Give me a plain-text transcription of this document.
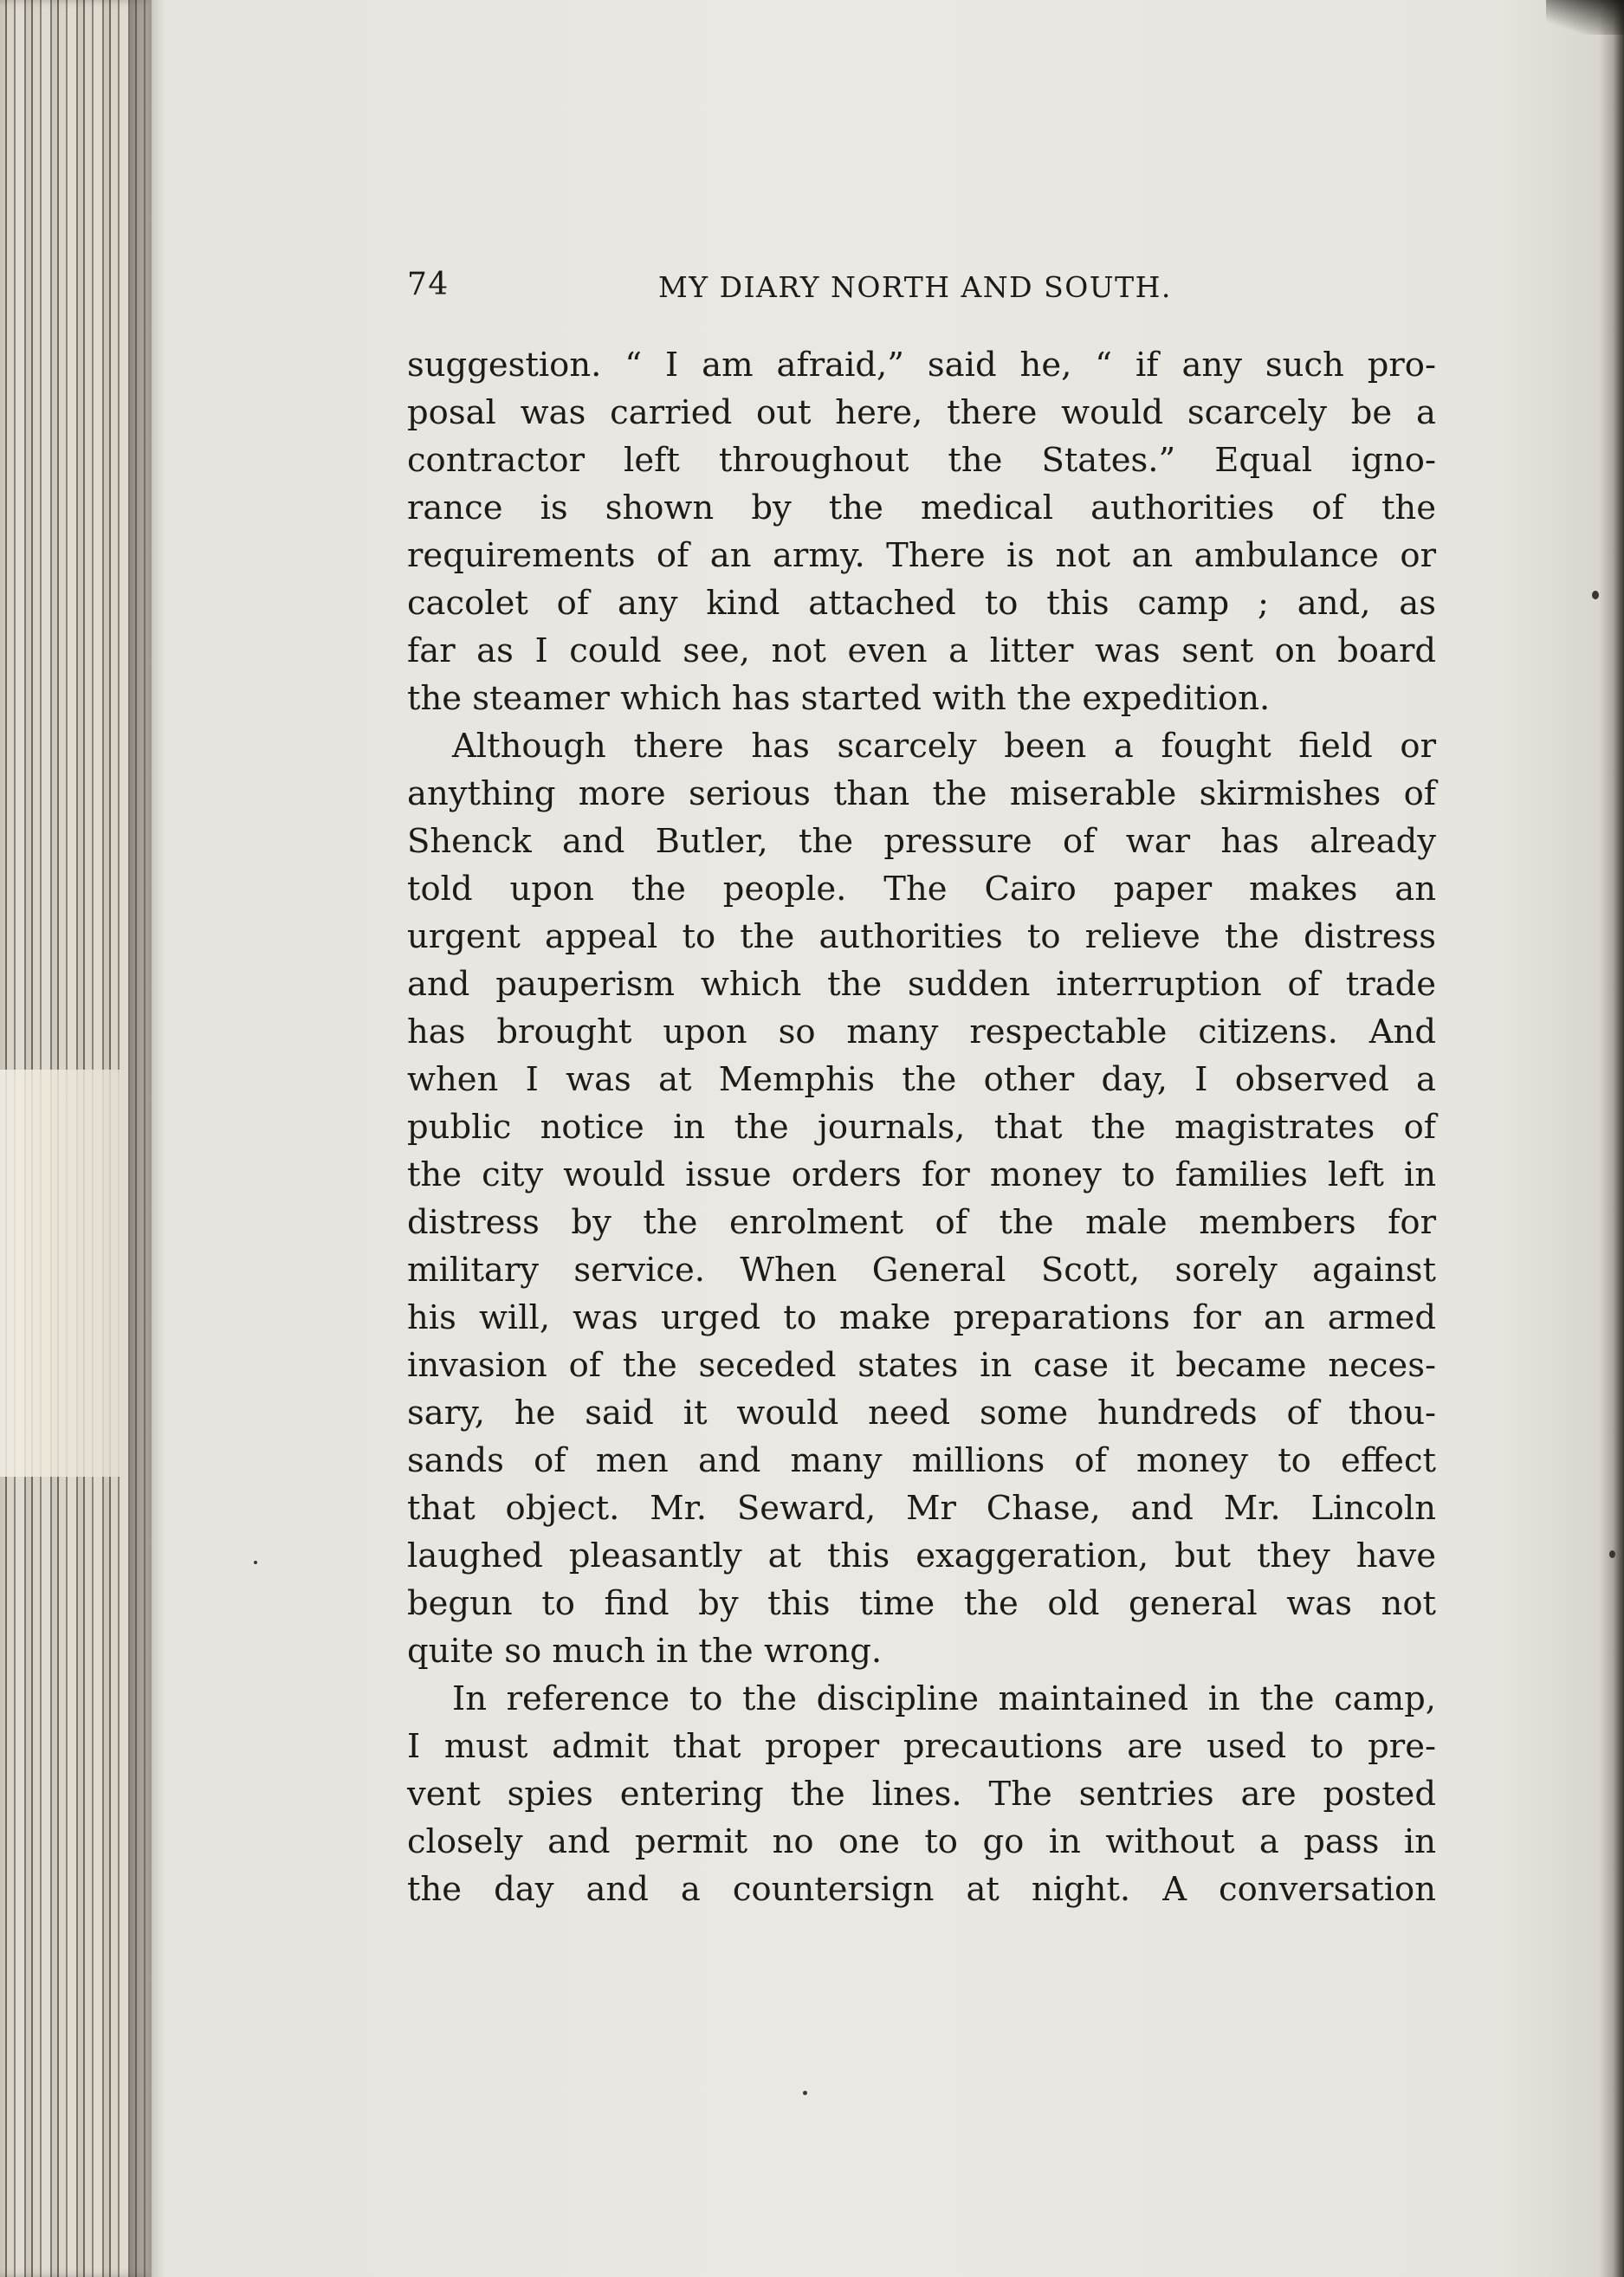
74	MY DIARY NORTH AND SOUTH.
suggestion. “ I am afraid,” said he, “ if any such pro-
posal was carried out here, there would scarcely be a
contractor left throughout the States.” Equal igno-
rance is shown by the medical authorities of the
requirements of an army. There is not an ambulance or
cacolet of any kind attached to this camp ; and, as
far as I could see, not even a litter was sent on board
the steamer which has started with the expedition.
Although there has scarcely been a fought field or
anything more serious than the miserable skirmishes of
Shenck and Butler, the pressure of war has already
told upon the people. The Cairo paper makes an
urgent appeal to the authorities to relieve the distress
and pauperism which the sudden interruption of trade
has brought upon so many respectable citizens. And
when I was at Memphis the other day, I observed a
public notice in the journals, that the magistrates of
the city would issue orders for money to families left in
distress by the enrolment of the male members for
military service. When General Scott, sorely against
his will, was urged to make preparations for an armed
invasion of the seceded states in case it became neces-
sary, he said it would need some hundreds of thou-
sands of men and many millions of money to effect
that object. Mr. Seward, Mr Chase, and Mr. Lincoln
laughed pleasantly at this exaggeration, but they have
begun to find by this time the old general was not
quite so much in the wrong.
In reference to the discipline maintained in the camp,
I must admit that proper precautions are used to pre-
vent spies entering the lines. The sentries are posted
closely and permit no one to go in without a pass in
the day and a countersign at night. A conversation
